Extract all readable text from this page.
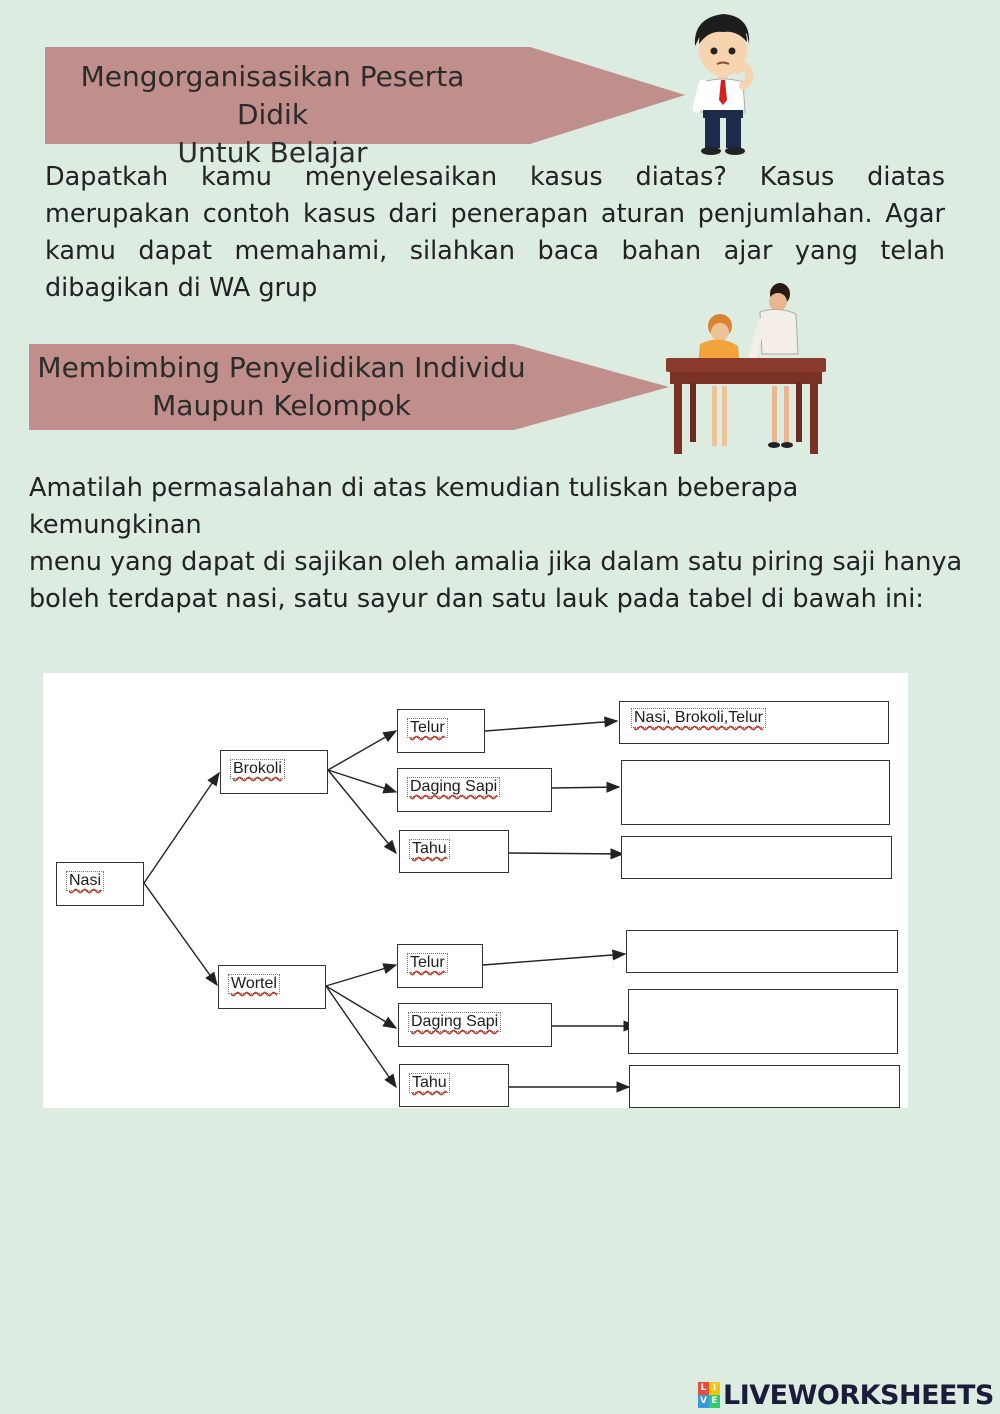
Mengorganisasikan Peserta Didik
Untuk Belajar
Dapatkah kamu menyelesaikan kasus diatas? Kasus diatas merupakan contoh kasus dari penerapan aturan penjumlahan. Agar kamu dapat memahami, silahkan baca bahan ajar yang telah dibagikan di WA grup
Membimbing Penyelidikan Individu
Maupun Kelompok
Amatilah permasalahan di atas kemudian tuliskan beberapa kemungkinan
menu yang dapat di sajikan oleh amalia jika dalam satu piring saji hanya
boleh terdapat nasi, satu sayur dan satu lauk pada tabel di bawah ini:
Nasi
Brokoli
Wortel
Telur
Daging Sapi
Tahu
Telur
Daging Sapi
Tahu
Nasi, Brokoli,Telur
L I
V E LIVEWORKSHEETS
